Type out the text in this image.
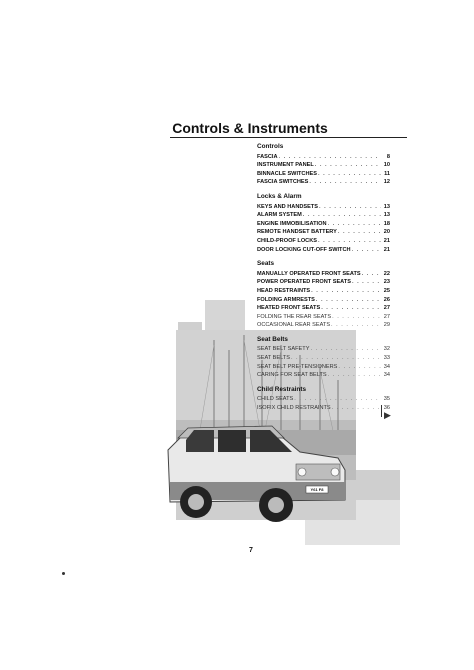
Controls & Instruments
Y61 F8
Controls
FASCIA . . .	8
INSTRUMENT PANEL . . .	10
BINNACLE SWITCHES . . .	11
FASCIA SWITCHES . . .	12
Locks & Alarm
KEYS AND HANDSETS . . .	13
ALARM SYSTEM . . .	13
ENGINE IMMOBILISATION . . .	18
REMOTE HANDSET BATTERY . . .	20
CHILD-PROOF LOCKS . . .	21
DOOR LOCKING CUT-OFF SWITCH . . .	21
Seats
MANUALLY OPERATED FRONT SEATS . . .	22
POWER OPERATED FRONT SEATS . . .	23
HEAD RESTRAINTS . . .	25
FOLDING ARMRESTS . . .	26
HEATED FRONT SEATS . . .	27
FOLDING THE REAR SEATS . . .	27
OCCASIONAL REAR SEATS . . .	29
Seat Belts
SEAT BELT SAFETY . . .	32
SEAT BELTS . . .	33
SEAT BELT PRE-TENSIONERS . . .	34
CARING FOR SEAT BELTS . . .	34
Child Restraints
CHILD SEATS . . .	35
ISOFIX CHILD RESTRAINTS . . .	36
▶
7
